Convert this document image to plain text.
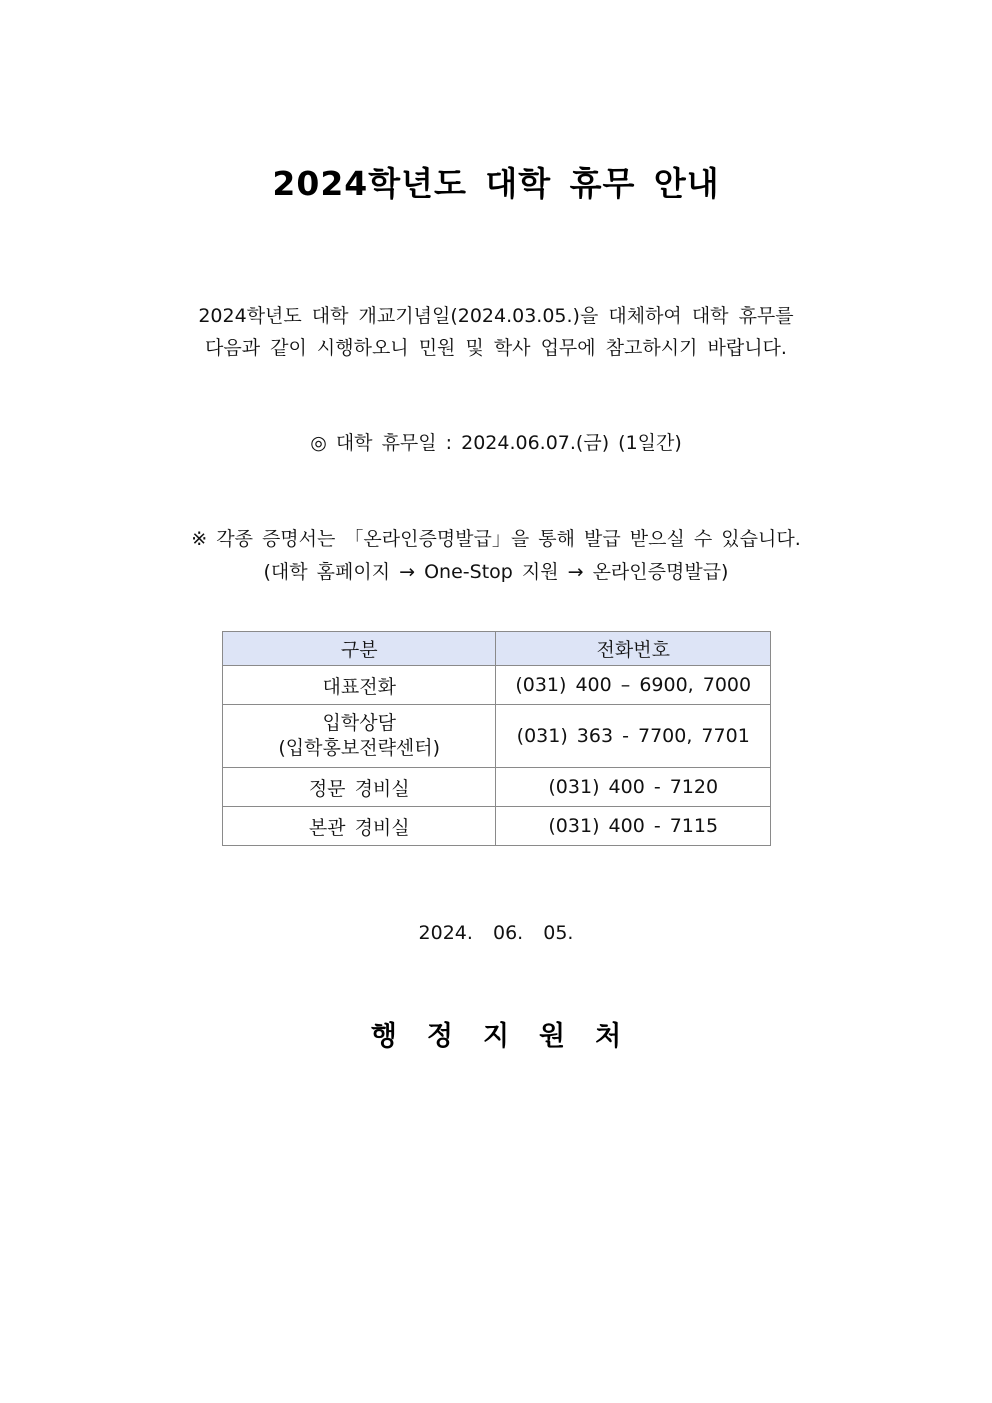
2024학년도 대학 휴무 안내
2024학년도 대학 개교기념일(2024.03.05.)을 대체하여 대학 휴무를
다음과 같이 시행하오니 민원 및 학사 업무에 참고하시기 바랍니다.
◎ 대학 휴무일 : 2024.06.07.(금) (1일간)
※ 각종 증명서는 「온라인증명발급」을 통해 발급 받으실 수 있습니다.
(대학 홈페이지 → One-Stop 지원 → 온라인증명발급)
구분	전화번호
대표전화	(031) 400 – 6900, 7000

입학상담
(입학홍보전략센터)	(031) 363 - 7700, 7701
정문 경비실	(031) 400 - 7120
본관 경비실	(031) 400 - 7115
2024. 06. 05.
행정지원처
